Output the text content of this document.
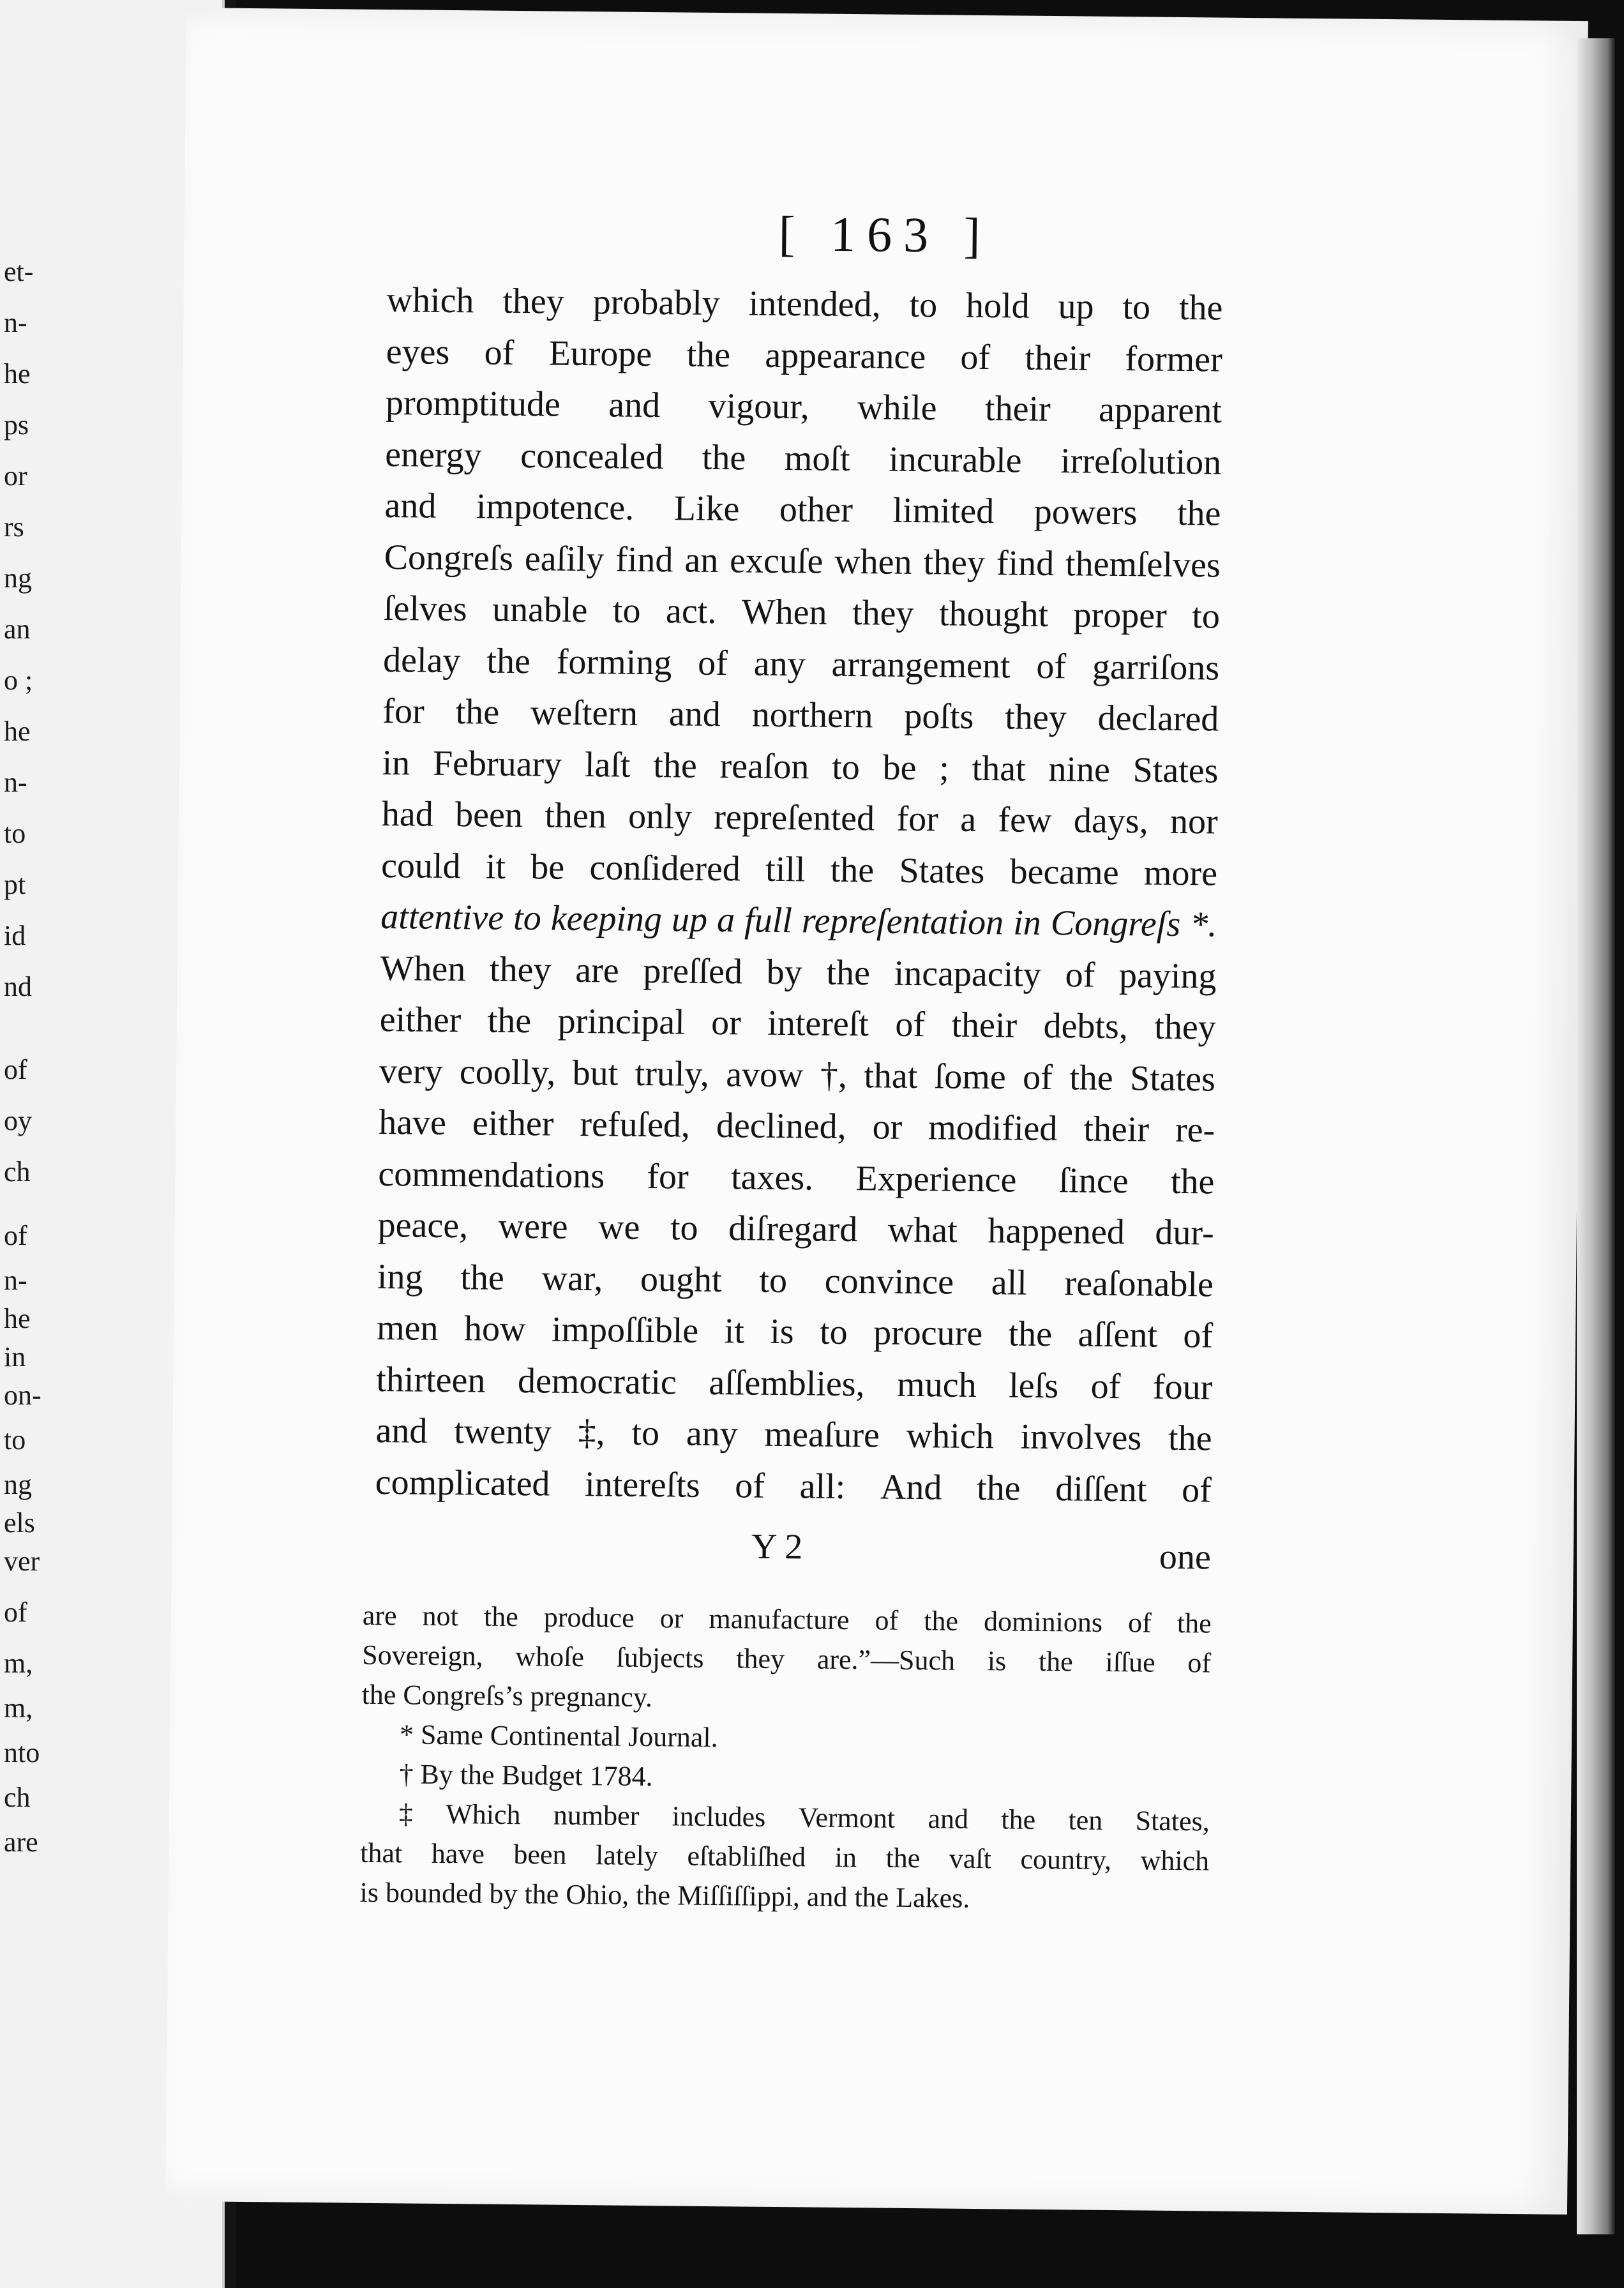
et-
n-
he
ps
or
rs
ng
an
o ;
he
n-
to
pt
id
nd
of
oy
ch
of
n-
he
in
on-
to
ng
els
ver
of
m,
m,
nto
ch
are
[ 163 ]
which they probably intended, to hold up to the
eyes of Europe the appearance of their former
promptitude and vigour, while their apparent
energy concealed the moſt incurable irreſolution
and impotence. Like other limited powers the
Congreſs eaſily find an excuſe when they find themſelves
ſelves unable to act. When they thought proper to
delay the forming of any arrangement of garriſons
for the weſtern and northern poſts they declared
in February laſt the reaſon to be ; that nine States
had been then only repreſented for a few days, nor
could it be conſidered till the States became more
attentive to keeping up a full repreſentation in Congreſs *.
When they are preſſed by the incapacity of paying
either the principal or intereſt of their debts, they
very coolly, but truly, avow †, that ſome of the States
have either refuſed, declined, or modified their re-
commendations for taxes. Experience ſince the
peace, were we to diſregard what happened dur-
ing the war, ought to convince all reaſonable
men how impoſſible it is to procure the aſſent of
thirteen democratic aſſemblies, much leſs of four
and twenty ‡, to any meaſure which involves the
complicated intereſts of all: And the diſſent of
Y 2	one
are not the produce or manufacture of the dominions of the
Sovereign, whoſe ſubjects they are.”—Such is the iſſue of
the Congreſs’s pregnancy.
* Same Continental Journal.
† By the Budget 1784.
‡ Which number includes Vermont and the ten States,
that have been lately eſtabliſhed in the vaſt country, which
is bounded by the Ohio, the Miſſiſſippi, and the Lakes.
